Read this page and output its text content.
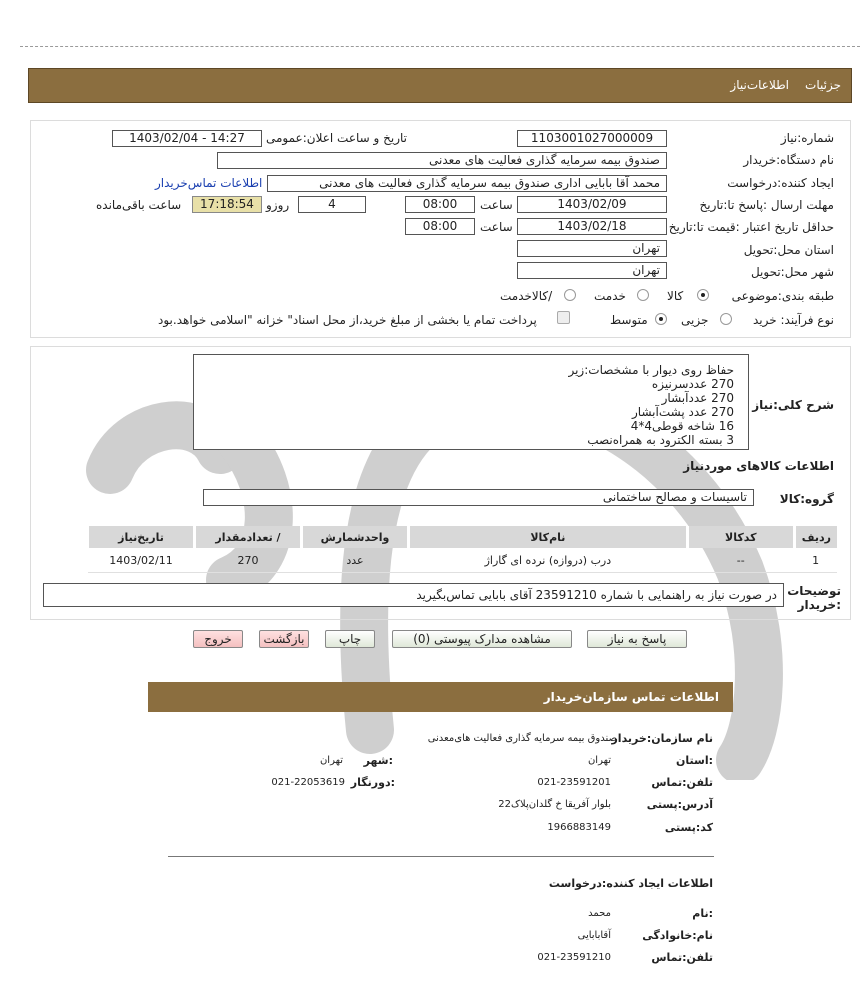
جزئیات
اطلاعات‌نیاز
شماره:نیاز
1103001027000009
تاریخ و ساعت اعلان:عمومی
1403/02/04 - 14:27
نام دستگاه:خریدار
صندوق بیمه سرمایه گذاری فعالیت های معدنی
ایجاد کننده:درخواست
محمد آقا بابایی اداری صندوق بیمه سرمایه گذاری فعالیت های معدنی
اطلاعات تماس‌خریدار
مهلت ارسال :پاسخ تا:تاریخ
1403/02/09
ساعت
08:00
4
روزو
17:18:54
ساعت باقی‌مانده
حداقل تاریخ اعتبار :قیمت تا:تاریخ
1403/02/18
ساعت
08:00
استان محل:تحویل
تهران
شهر محل:تحویل
تهران
طبقه بندی:موضوعی
کالا
خدمت
/کالاخدمت
نوع فرآیند: خرید
جزیی
متوسط
پرداخت تمام یا بخشی از مبلغ خرید،از محل اسناد" خزانه "اسلامی خواهد.بود
شرح کلی:نیاز
حفاظ روی دیوار با مشخصات:زیر
270 عددسرنیزه
270 عددآبشار
270 عدد پشت‌آبشار
16 شاخه قوطی4*4
3 بسته الکترود به همراه‌نصب
اطلاعات کالاهای موردنیاز
گروه:کالا
تاسیسات و مصالح ساختمانی
ردیف	کدکالا	نام‌کالا	واحدشمارش	/ تعدادمقدار	تاریخ‌نیاز
1	--	درب (دروازه) نرده ای گاراژ	عدد	270	1403/02/11
توضیحات :خریدار
در صورت نیاز به راهنمایی با شماره 23591210 آقای بابایی تماس‌بگیرید
پاسخ به نیاز
مشاهده مدارک پیوستی (0)
چاپ
بازگشت
خروج
اطلاعات تماس سازمان‌خریدار
نام سازمان:خریدار
صندوق بیمه سرمایه گذاری فعالیت های‌معدنی
:استان
تهران
:شهر
تهران
تلفن:تماس
021-23591201
:دورنگار
021-22053619
آدرس:پستی
بلوار آفریقا خ گلدان‌پلاک22
کد:پستی
1966883149
اطلاعات ایجاد کننده:درخواست
:نام
محمد
نام:خانوادگی
آقابابایی
تلفن:تماس
021-23591210
